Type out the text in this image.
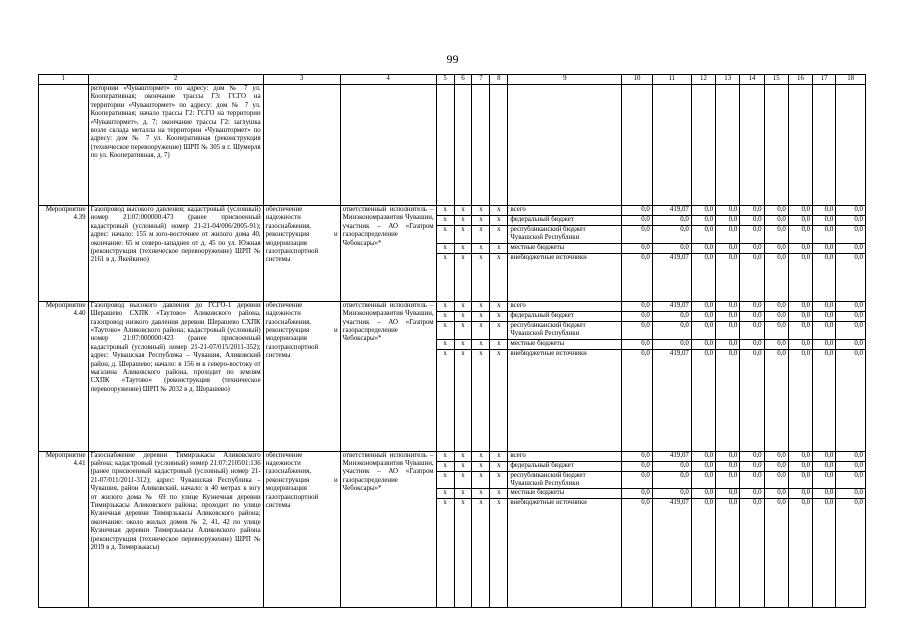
99
1	2	3	4	5	6	7	8	9	10	11	12	13	14	15	16	17	18
	риториии «Чуваштормет» по адресу: дом № 7 ул. Кооперативная; окончание трассы Г3: ГСГО на территории «Чуваштормет» по адресу: дом № 7 ул. Кооперативная; начало трассы Г2: ГСГО на территории «Чуваштормет», д. 7; окончание трассы Г2: заглушка возле склада металла на территории «Чуваштормет» по адресу: дом № 7 ул. Кооперативная (реконструкция (техническое перевооружение) ШРП № 305 в г. Шумерля по ул. Кооперативная, д. 7)																
Мероприятие 4.39	Газопровод высокого давления; кадастровый (условный) номер 21:07:000000:473 (ранее присвоенный кадастровый (условный) номер 21-21-04/006/2005-91); адрес: начало: 155 м юго-восточнее от жилого дома 40, окончание: 65 м северо-западнее от д. 45 по ул. Южная (реконструкция (техническое перевооружение) ШРП № 2161 в д. Якейкино)	обеспечение надежности газоснабжения, реконструкция и модернизация газотранспортной системы	ответственный исполнитель – Минэкономразвития Чувашии, участник – АО «Газпром газораспределение Чебоксары»*	x	x	x	x	всего	0,0	419,07	0,0	0,0	0,0	0,0	0,0	0,0	0,0
				x	x	x	x	федеральный бюджет	0,0	0,0	0,0	0,0	0,0	0,0	0,0	0,0	0,0
				x	x	x	x	республиканский бюджет Чувашской Республики	0,0	0,0	0,0	0,0	0,0	0,0	0,0	0,0	0,0
				x	x	x	x	местные бюджеты	0,0	0,0	0,0	0,0	0,0	0,0	0,0	0,0	0,0
				x	x	x	x	внебюджетные источники	0,0	419,07	0,0	0,0	0,0	0,0	0,0	0,0	0,0
Мероприятие 4.40	Газопровод высокого давления до ГСГО-1 деревни Шерашево СХПК «Таутово» Аликовского района, газопровод низкого давления деревни Шерашево СХПК «Таутово» Аликовского района; кадастровый (условный) номер 21:07:000000:423 (ранее присвоенный кадастровый (условный) номер 21-21-07/015/2011-352); адрес: Чувашская Республика – Чувашия, Аликовский район, д. Шерашево; начало: в 156 м к северо-востоку от магазина Аликовского района, проходит по землям СХПК «Таутово» (реконструкция (техническое перевооружение) ШРП № 2032 в д. Шерашево)	обеспечение надежности газоснабжения, реконструкция и модернизация газотранспортной системы	ответственный исполнитель – Минэкономразвития Чувашии, участник – АО «Газпром газораспределение Чебоксары»*	x	x	x	x	всего	0,0	419,07	0,0	0,0	0,0	0,0	0,0	0,0	0,0
				x	x	x	x	федеральный бюджет	0,0	0,0	0,0	0,0	0,0	0,0	0,0	0,0	0,0
				x	x	x	x	республиканский бюджет Чувашской Республики	0,0	0,0	0,0	0,0	0,0	0,0	0,0	0,0	0,0
				x	x	x	x	местные бюджеты	0,0	0,0	0,0	0,0	0,0	0,0	0,0	0,0	0,0
				x	x	x	x	внебюджетные источники	0,0	419,07	0,0	0,0	0,0	0,0	0,0	0,0	0,0
Мероприятие 4.41	Газоснабжение деревни Тимирзькасы Аликовского района; кадастровый (условный) номер 21:07:210501:136 (ранее присвоенный кадастровый (условный) номер 21-21-07/011/2011-312); адрес: Чувашская Республика – Чувашия, район Аликовский, начало: в 40 метрах к югу от жилого дома № 69 по улице Кузнечная деревни Тимирзькасы Аликовского района; проходит по улице Кузнечная деревни Тимирзькасы Аликовского района; окончание: около жилых домов № 2, 41, 42 по улице Кузнечная деревни Тимирзькасы Аликовского района (реконструкция (техническое перевооружение) ШРП № 2019 в д. Тимирзькасы)	обеспечение надежности газоснабжения, реконструкция и модернизация газотранспортной системы	ответственный исполнитель – Минэкономразвития Чувашии, участник – АО «Газпром газораспределение Чебоксары»*	x	x	x	x	всего	0,0	419,07	0,0	0,0	0,0	0,0	0,0	0,0	0,0
				x	x	x	x	федеральный бюджет	0,0	0,0	0,0	0,0	0,0	0,0	0,0	0,0	0,0
				x	x	x	x	республиканский бюджет Чувашской Республики	0,0	0,0	0,0	0,0	0,0	0,0	0,0	0,0	0,0
				x	x	x	x	местные бюджеты	0,0	0,0	0,0	0,0	0,0	0,0	0,0	0,0	0,0
				x	x	x	x	внебюджетные источники	0,0	419,07	0,0	0,0	0,0	0,0	0,0	0,0	0,0
